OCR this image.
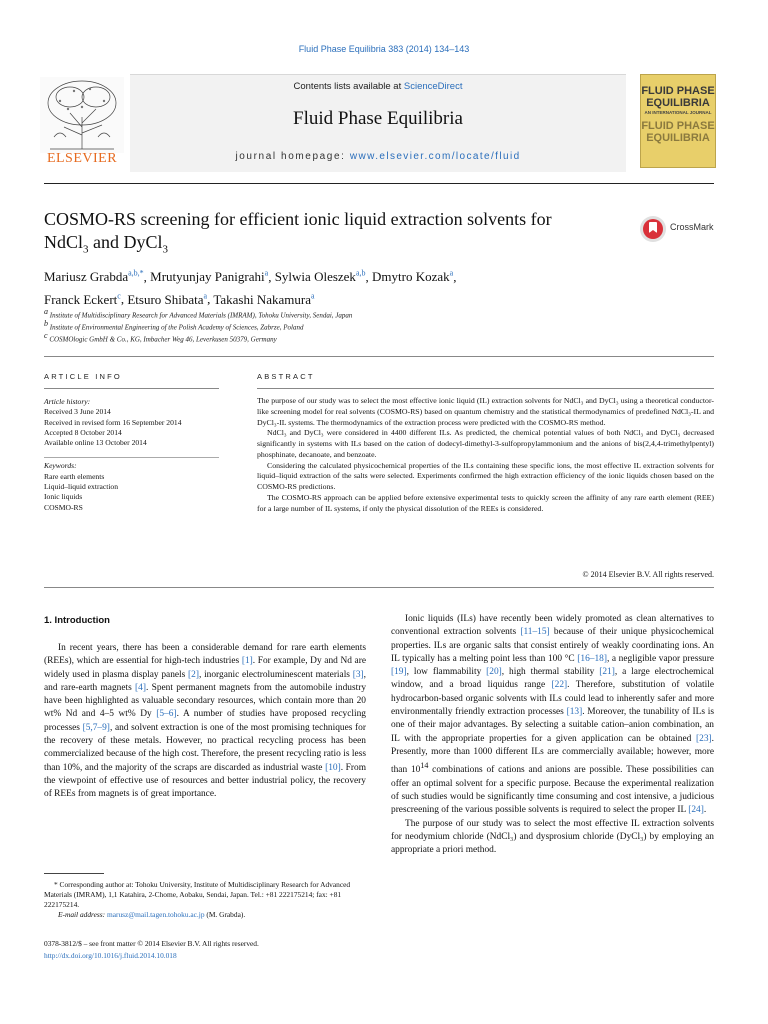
Fluid Phase Equilibria 383 (2014) 134–143
ELSEVIER
Contents lists available at ScienceDirect
Fluid Phase Equilibria
journal homepage: www.elsevier.com/locate/fluid
FLUID PHASE
EQUILIBRIA
AN INTERNATIONAL JOURNAL
FLUID PHASE
EQUILIBRIA
COSMO-RS screening for efficient ionic liquid extraction solvents for
NdCl$_3$ and DyCl$_3$
CrossMark
Mariusz Grabda$^{a,b,*}$, Mrutyunjay Panigrahi$^a$, Sylwia Oleszek$^{a,b}$, Dmytro Kozak$^a$,
Franck Eckert$^c$, Etsuro Shibata$^a$, Takashi Nakamura$^a$
$^a$ Institute of Multidisciplinary Research for Advanced Materials (IMRAM), Tohoku University, Sendai, Japan
$^b$ Institute of Environmental Engineering of the Polish Academy of Sciences, Zabrze, Poland
$^c$ COSMOlogic GmbH & Co., KG, Imbacher Weg 46, Leverkusen 50379, Germany
ARTICLE INFO	ABSTRACT
Article history:
Received 3 June 2014
Received in revised form 16 September 2014
Accepted 8 October 2014
Available online 13 October 2014
Keywords:
Rare earth elements
Liquid–liquid extraction
Ionic liquids
COSMO-RS

The purpose of our study was to select the most effective ionic liquid (IL) extraction solvents for NdCl₃ and DyCl₃ using a theoretical conductor-like screening model for real solvents (COSMO-RS) based on quantum chemistry and the statistical thermodynamics of predefined NdCl₃-IL and DyCl₃-IL systems. The thermodynamics of the extraction process were predicted with the COSMO-RS method.

NdCl₃ and DyCl₃ were considered in 4400 different ILs. As predicted, the chemical potential values of both NdCl₃ and DyCl₃ decreased significantly in systems with ILs based on the cation of dodecyl-dimethyl-3-sulfopropylammonium and the anions of bis(2,4,4-trimethylpentyl) phosphinate, decanoate, and benzoate.

Considering the calculated physicochemical properties of the ILs containing these specific ions, the most effective IL extraction solvents for liquid–liquid extraction of the salts were selected. Experiments confirmed the high extraction efficiency of the ionic liquids chosen based on the COSMO-RS predictions.

The COSMO-RS approach can be applied before extensive experimental tests to quickly screen the affinity of any rare earth element (REE) for a large number of IL systems, if only the physical dissolution of the REEs is considered.

© 2014 Elsevier B.V. All rights reserved.
1. Introduction

In recent years, there has been a considerable demand for rare earth elements (REEs), which are essential for high-tech industries [1]. For example, Dy and Nd are widely used in plasma display panels [2], inorganic electroluminescent materials [3], and rare-earth magnets [4]. Spent permanent magnets from the automobile industry have been highlighted as valuable secondary resources, which contain more than 20 wt% Nd and 4–5 wt% Dy [5–6]. A number of studies have proposed recycling processes [5,7–9], and solvent extraction is one of the most promising techniques for the recovery of these metals. However, no practical recycling process has been commercialized because of the high cost. Therefore, the present recycling ratio is less than 10%, and the majority of the scraps are discarded as industrial waste [10]. From the viewpoint of effective use of resources and better industrial policy, the recovery of REEs from magnets is of great importance.

Ionic liquids (ILs) have recently been widely promoted as clean alternatives to conventional extraction solvents [11–15] because of their unique physicochemical properties. ILs are organic salts that consist entirely of weakly coordinating ions. An IL typically has a melting point less than 100 °C [16–18], a negligible vapor pressure [19], low flammability [20], high thermal stability [21], a large electrochemical window, and a broad liquidus range [22]. Therefore, substitution of volatile hydrocarbon-based organic solvents with ILs could lead to inherently safer and more environmentally friendly extraction processes [13]. Moreover, the tunability of ILs is one of their major advantages. By selecting a suitable cation–anion combination, an IL with the appropriate properties for a given application can be obtained [23]. Presently, more than 1000 different ILs are commercially available; however, more than $10^{14}$ combinations of cations and anions are possible. These possibilities can offer an optimal solvent for a specific purpose. Because the experimental realization of such studies would be significantly time consuming and cost intensive, a judicious prescreening of the various possible solvents is required to select the proper IL [24].

The purpose of our study was to select the most effective IL extraction solvents for neodymium chloride (NdCl₃) and dysprosium chloride (DyCl₃) by employing an appropriate a priori method.

* Corresponding author at: Tohoku University, Institute of Multidisciplinary Research for Advanced Materials (IMRAM), 1,1 Katahira, 2-Chome, Aobaku, Sendai, Japan. Tel.: +81 222175214; fax: +81 222175214.
E-mail address: marusz@mail.tagen.tohoku.ac.jp (M. Grabda).
0378-3812/$ – see front matter © 2014 Elsevier B.V. All rights reserved.
http://dx.doi.org/10.1016/j.fluid.2014.10.018
